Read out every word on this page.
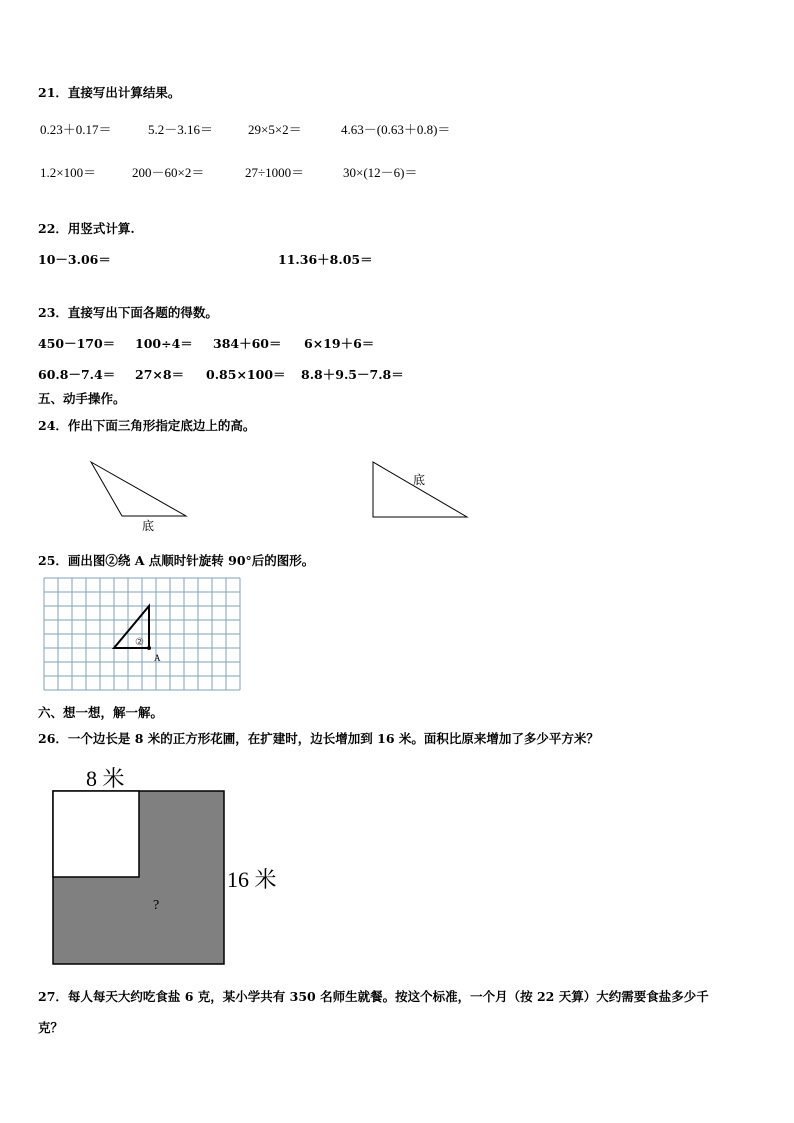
21．直接写出计算结果。
0.23＋0.17＝	5.2－3.16＝	29×5×2＝	4.63－(0.63＋0.8)＝
1.2×100＝	200－60×2＝	27÷1000＝	30×(12－6)＝
22．用竖式计算.
10－3.06＝	11.36＋8.05＝
23．直接写出下面各题的得数。
450－170＝ 100÷4＝ 384＋60＝ 6×19＋6＝
60.8－7.4＝ 27×8＝ 0.85×100＝ 8.8＋9.5－7.8＝
五、动手操作。
24．作出下面三角形指定底边上的高。
底
底
25．画出图②绕 A 点顺时针旋转 90°后的图形。
②
A
六、想一想，解一解。
26．一个边长是 8 米的正方形花圃，在扩建时，边长增加到 16 米。面积比原来增加了多少平方米？
8 米
16 米
?
27．每人每天大约吃食盐 6 克，某小学共有 350 名师生就餐。按这个标准，一个月（按 22 天算）大约需要食盐多少千
克？
